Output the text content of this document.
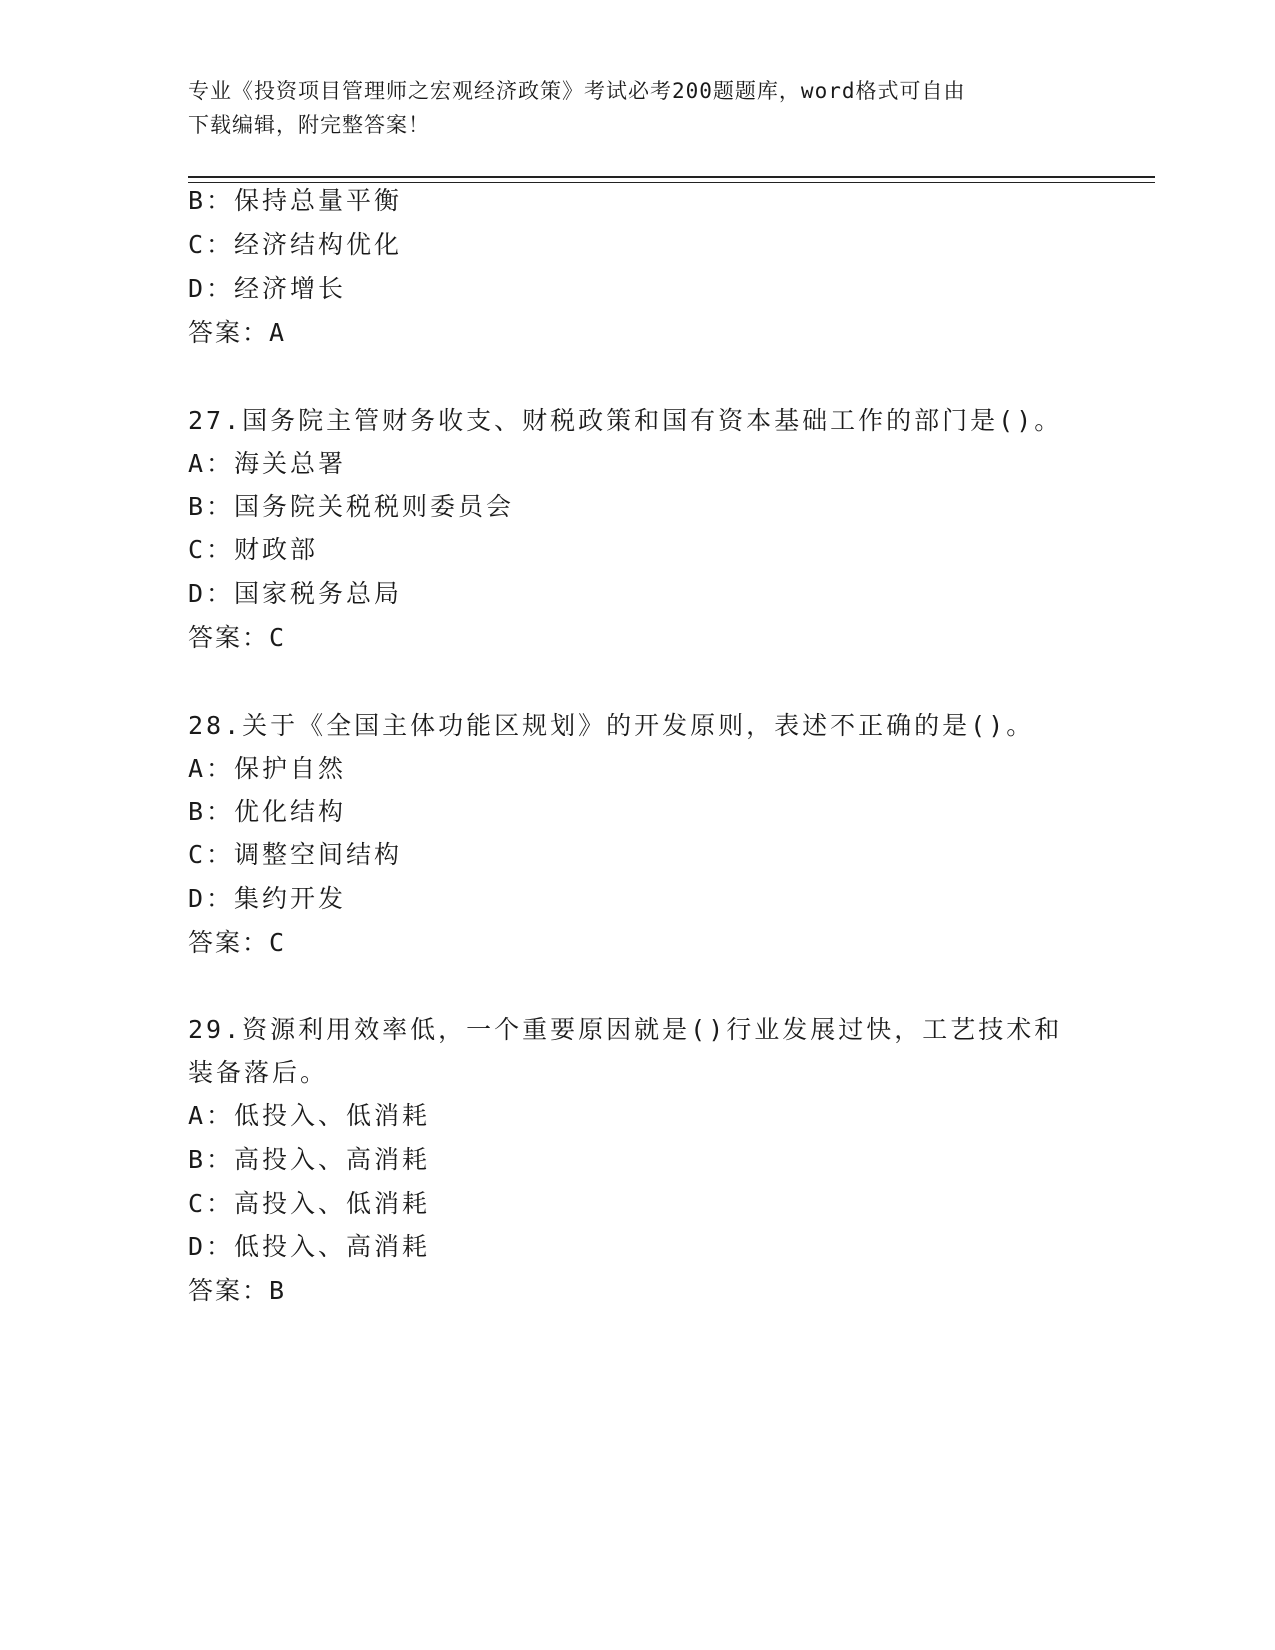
专业《投资项目管理师之宏观经济政策》考试必考200题题库，word格式可自由
下载编辑，附完整答案！
B：保持总量平衡
C：经济结构优化
D：经济增长
答案：A
27.国务院主管财务收支、财税政策和国有资本基础工作的部门是()。
A：海关总署
B：国务院关税税则委员会
C：财政部
D：国家税务总局
答案：C
28.关于《全国主体功能区规划》的开发原则，表述不正确的是()。
A：保护自然
B：优化结构
C：调整空间结构
D：集约开发
答案：C
29.资源利用效率低，一个重要原因就是()行业发展过快，工艺技术和
装备落后。
A：低投入、低消耗
B：高投入、高消耗
C：高投入、低消耗
D：低投入、高消耗
答案：B
